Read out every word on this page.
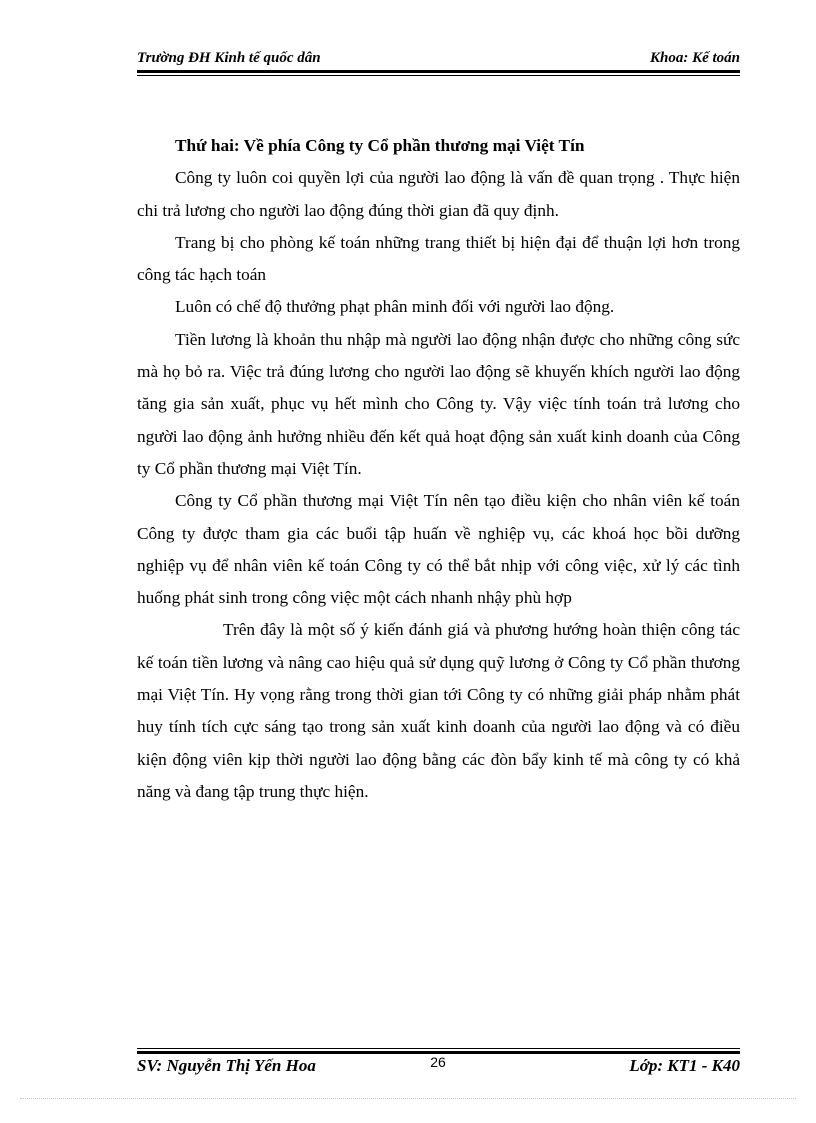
Trường ĐH Kinh tế quốc dân	Khoa: Kế toán

Thứ hai: Về phía Công ty Cổ phần thương mại Việt Tín

Công ty luôn coi quyền lợi của người lao động là vấn đề quan trọng . Thực hiện chi trả lương cho người lao động đúng thời gian đã quy định.

Trang bị cho phòng kế toán những trang thiết bị hiện đại để thuận lợi hơn trong công tác hạch toán

Luôn có chế độ thưởng phạt phân minh đối với người lao động.

Tiền lương là khoản thu nhập mà người lao động nhận được cho những công sức mà họ bỏ ra. Việc trả đúng lương cho người lao động sẽ khuyến khích người lao động tăng gia sản xuất, phục vụ hết mình cho Công ty. Vậy việc tính toán trả lương cho người lao động ảnh hưởng nhiều đến kết quả hoạt động sản xuất kinh doanh của Công ty Cổ phần thương mại Việt Tín.

Công ty Cổ phần thương mại Việt Tín nên tạo điều kiện cho nhân viên kế toán Công ty được tham gia các buổi tập huấn về nghiệp vụ, các khoá học bồi dưỡng nghiệp vụ để nhân viên kế toán Công ty có thể bắt nhịp với công việc, xử lý các tình huống phát sinh trong công việc một cách nhanh nhậy phù hợp

Trên đây là một số ý kiến đánh giá và phương hướng hoàn thiện công tác kế toán tiền lương và nâng cao hiệu quả sử dụng quỹ lương ở Công ty Cổ phần thương mại Việt Tín. Hy vọng rằng trong thời gian tới Công ty có những giải pháp nhằm phát huy tính tích cực sáng tạo trong sản xuất kinh doanh của người lao động và có điều kiện động viên kịp thời người lao động bằng các đòn bẩy kinh tế mà công ty có khả năng và đang tập trung thực hiện.

SV: Nguyễn Thị Yến Hoa	26	Lớp: KT1 - K40
